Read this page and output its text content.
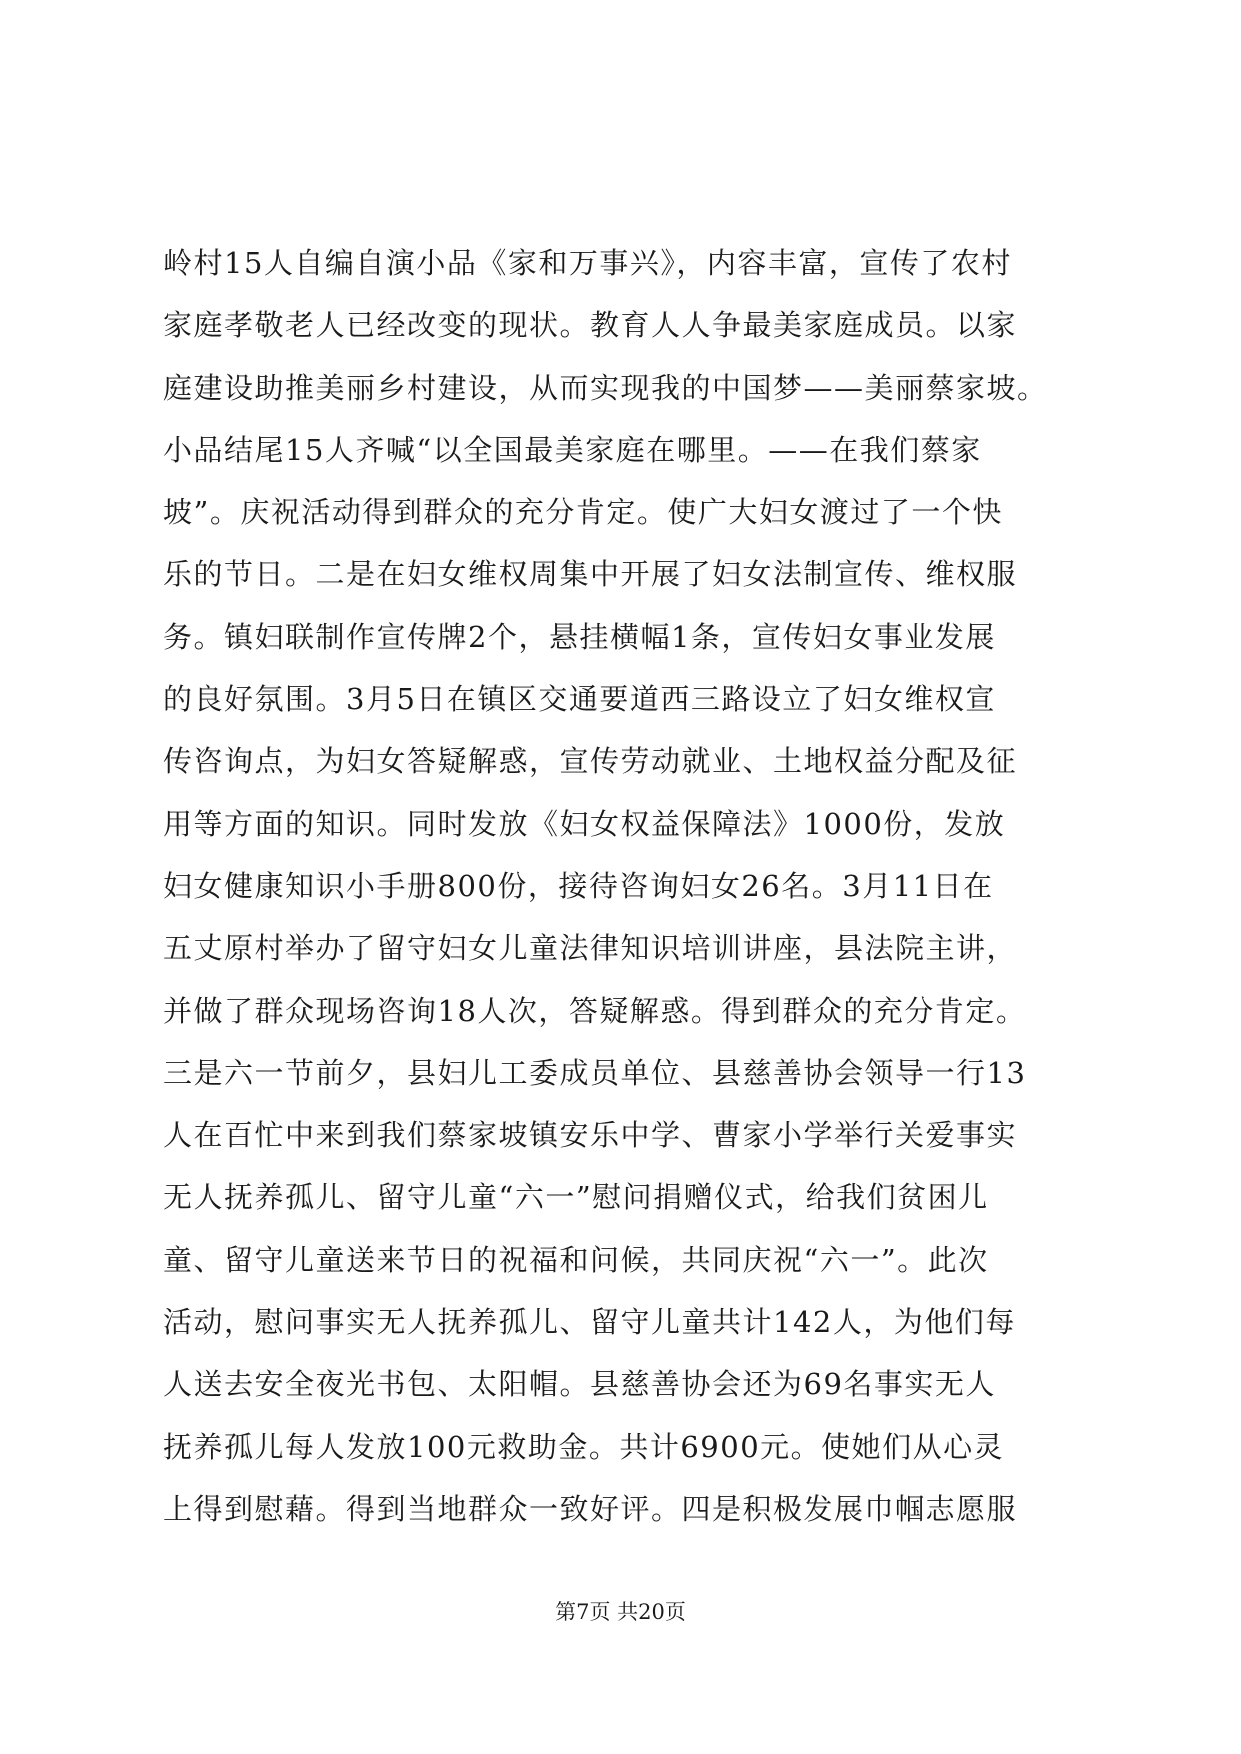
岭村15人自编自演小品《家和万事兴》，内容丰富，宣传了农村
家庭孝敬老人已经改变的现状。教育人人争最美家庭成员。以家
庭建设助推美丽乡村建设，从而实现我的中国梦——美丽蔡家坡。
小品结尾15人齐喊“以全国最美家庭在哪里。——在我们蔡家
坡”。庆祝活动得到群众的充分肯定。使广大妇女渡过了一个快
乐的节日。二是在妇女维权周集中开展了妇女法制宣传、维权服
务。镇妇联制作宣传牌2个，悬挂横幅1条，宣传妇女事业发展
的良好氛围。3月5日在镇区交通要道西三路设立了妇女维权宣
传咨询点，为妇女答疑解惑，宣传劳动就业、土地权益分配及征
用等方面的知识。同时发放《妇女权益保障法》1000份，发放
妇女健康知识小手册800份，接待咨询妇女26名。3月11日在
五丈原村举办了留守妇女儿童法律知识培训讲座，县法院主讲，
并做了群众现场咨询18人次，答疑解惑。得到群众的充分肯定。
三是六一节前夕，县妇儿工委成员单位、县慈善协会领导一行13
人在百忙中来到我们蔡家坡镇安乐中学、曹家小学举行关爱事实
无人抚养孤儿、留守儿童“六一”慰问捐赠仪式，给我们贫困儿
童、留守儿童送来节日的祝福和问候，共同庆祝“六一”。此次
活动，慰问事实无人抚养孤儿、留守儿童共计142人，为他们每
人送去安全夜光书包、太阳帽。县慈善协会还为69名事实无人
抚养孤儿每人发放100元救助金。共计6900元。使她们从心灵
上得到慰藉。得到当地群众一致好评。四是积极发展巾帼志愿服
第7页 共20页
